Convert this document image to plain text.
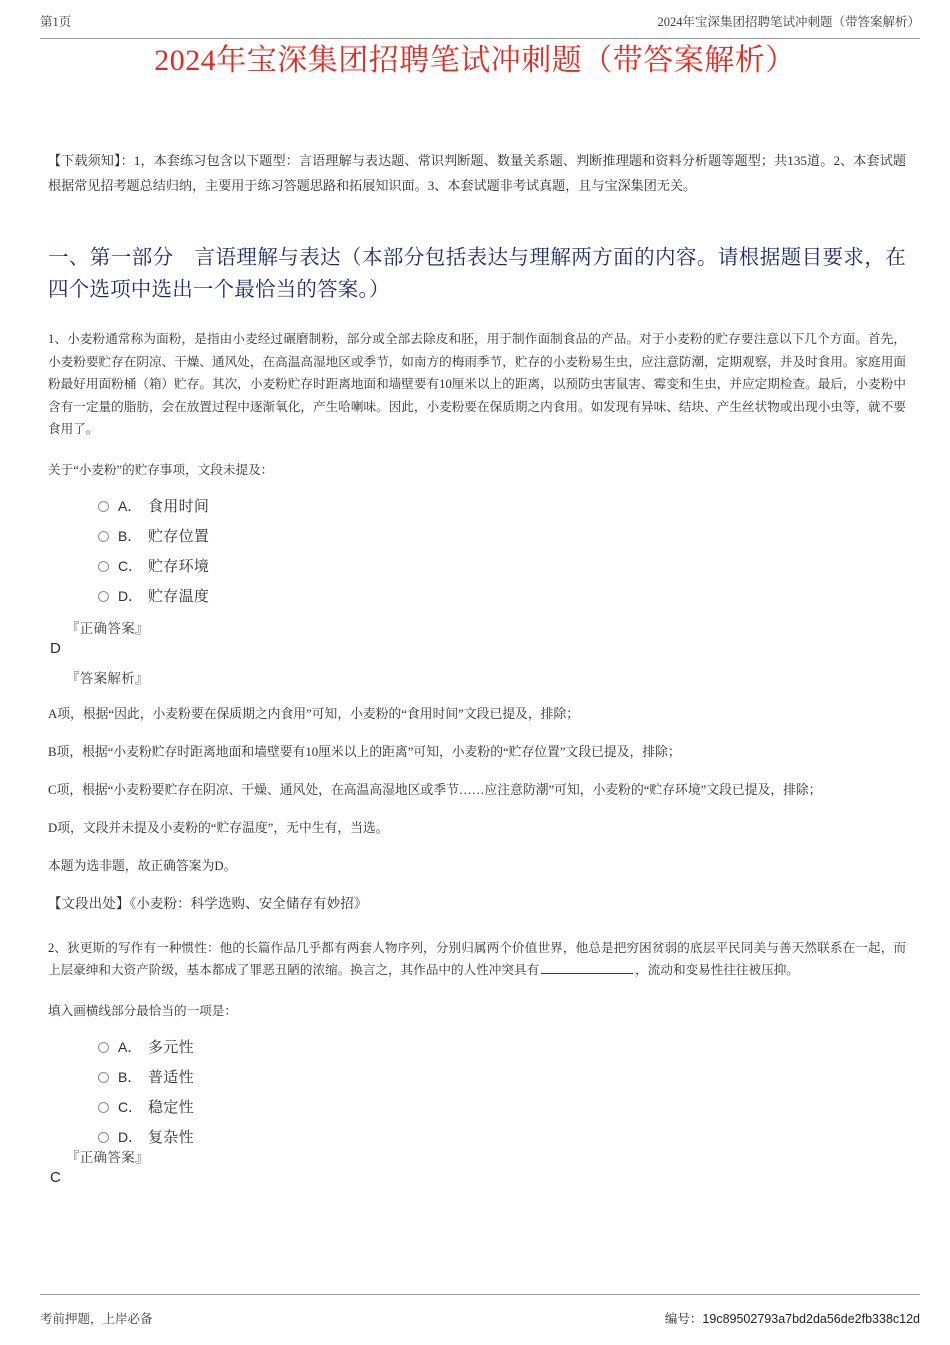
第1页	2024年宝深集团招聘笔试冲刺题（带答案解析）
2024年宝深集团招聘笔试冲刺题（带答案解析）

【下载须知】：1，本套练习包含以下题型：言语理解与表达题、常识判断题、数量关系题、判断推理题和资料分析题等题型；共135道。2、本套试题根据常见招考题总结归纳，主要用于练习答题思路和拓展知识面。3、本套试题非考试真题，且与宝深集团无关。

一、第一部分　言语理解与表达（本部分包括表达与理解两方面的内容。请根据题目要求，在四个选项中选出一个最恰当的答案。）

1、小麦粉通常称为面粉，是指由小麦经过碾磨制粉，部分或全部去除皮和胚，用于制作面制食品的产品。对于小麦粉的贮存要注意以下几个方面。首先，小麦粉要贮存在阴凉、干燥、通风处，在高温高湿地区或季节，如南方的梅雨季节，贮存的小麦粉易生虫，应注意防潮，定期观察，并及时食用。家庭用面粉最好用面粉桶（箱）贮存。其次，小麦粉贮存时距离地面和墙壁要有10厘米以上的距离，以预防虫害鼠害、霉变和生虫，并应定期检查。最后，小麦粉中含有一定量的脂肪，会在放置过程中逐渐氧化，产生哈喇味。因此，小麦粉要在保质期之内食用。如发现有异味、结块、产生丝状物或出现小虫等，就不要食用了。

关于“小麦粉”的贮存事项，文段未提及：

A． 食用时间
B． 贮存位置
C． 贮存环境
D． 贮存温度
『正确答案』
D
『答案解析』

A项，根据“因此，小麦粉要在保质期之内食用”可知，小麦粉的“食用时间”文段已提及，排除；

B项，根据“小麦粉贮存时距离地面和墙壁要有10厘米以上的距离”可知，小麦粉的“贮存位置”文段已提及，排除；

C项，根据“小麦粉要贮存在阴凉、干燥、通风处，在高温高湿地区或季节……应注意防潮”可知，小麦粉的“贮存环境”文段已提及，排除；

D项，文段并未提及小麦粉的“贮存温度”，无中生有，当选。

本题为选非题，故正确答案为D。

【文段出处】《小麦粉：科学选购、安全储存有妙招》

2、狄更斯的写作有一种惯性：他的长篇作品几乎都有两套人物序列，分别归属两个价值世界，他总是把穷困贫弱的底层平民同美与善天然联系在一起，而上层豪绅和大资产阶级，基本都成了罪恶丑陋的浓缩。换言之，其作品中的人性冲突具有	，流动和变易性往往被压抑。

填入画横线部分最恰当的一项是：

A． 多元性
B． 普适性
C． 稳定性
D． 复杂性
『正确答案』
C
考前押题，上岸必备	编号：19c89502793a7bd2da56de2fb338c12d
